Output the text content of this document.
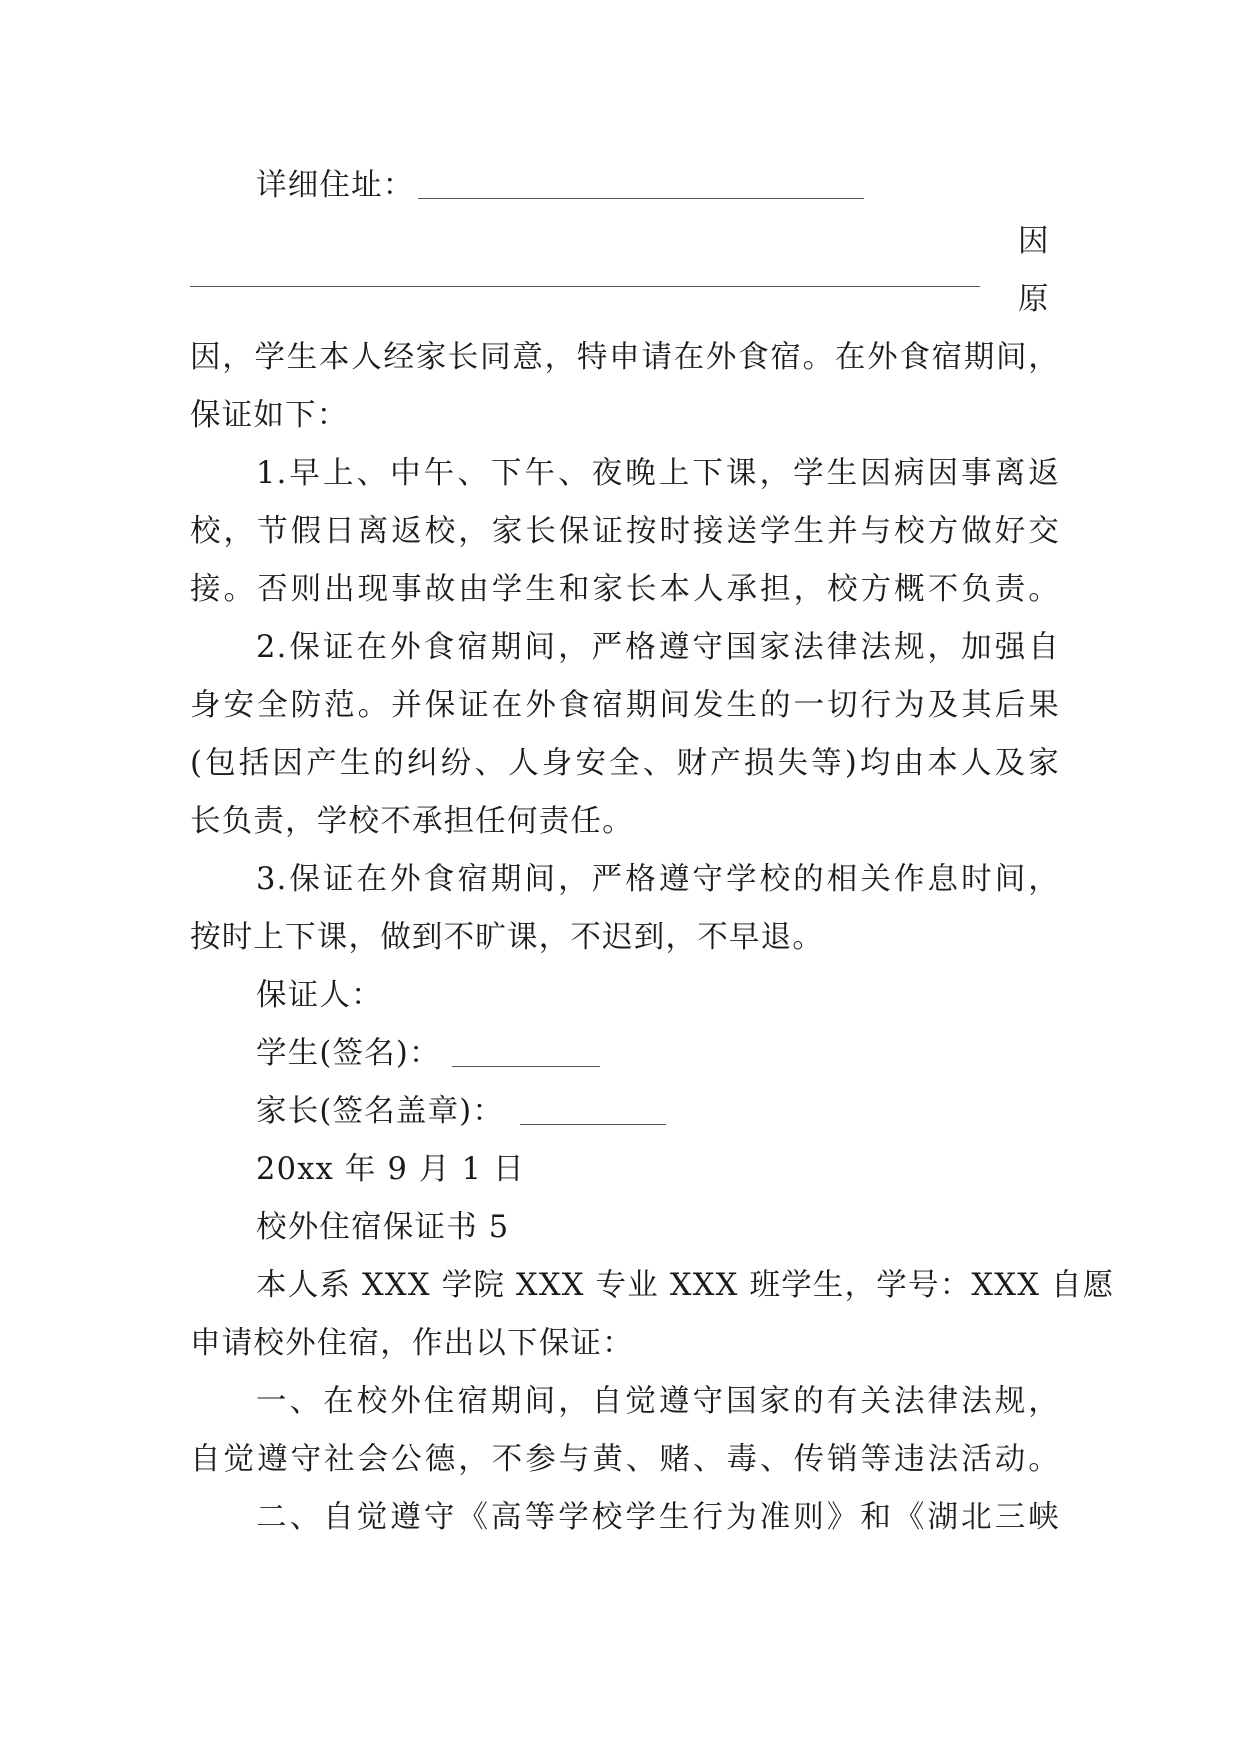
详细住址：
因
原
因，学生本人经家长同意，特申请在外食宿。在外食宿期间，
保证如下：
1.早上、中午、下午、夜晚上下课，学生因病因事离返
校，节假日离返校，家长保证按时接送学生并与校方做好交
接。否则出现事故由学生和家长本人承担，校方概不负责。
2.保证在外食宿期间，严格遵守国家法律法规，加强自
身安全防范。并保证在外食宿期间发生的一切行为及其后果
(包括因产生的纠纷、人身安全、财产损失等)均由本人及家
长负责，学校不承担任何责任。
3.保证在外食宿期间，严格遵守学校的相关作息时间，
按时上下课，做到不旷课，不迟到，不早退。
保证人：
学生(签名)：
家长(签名盖章)：
20xx 年 9 月 1 日
校外住宿保证书 5
本人系 XXX 学院 XXX 专业 XXX 班学生，学号：XXX 自愿
申请校外住宿，作出以下保证：
一、在校外住宿期间，自觉遵守国家的有关法律法规，
自觉遵守社会公德，不参与黄、赌、毒、传销等违法活动。
二、自觉遵守《高等学校学生行为准则》和《湖北三峡
